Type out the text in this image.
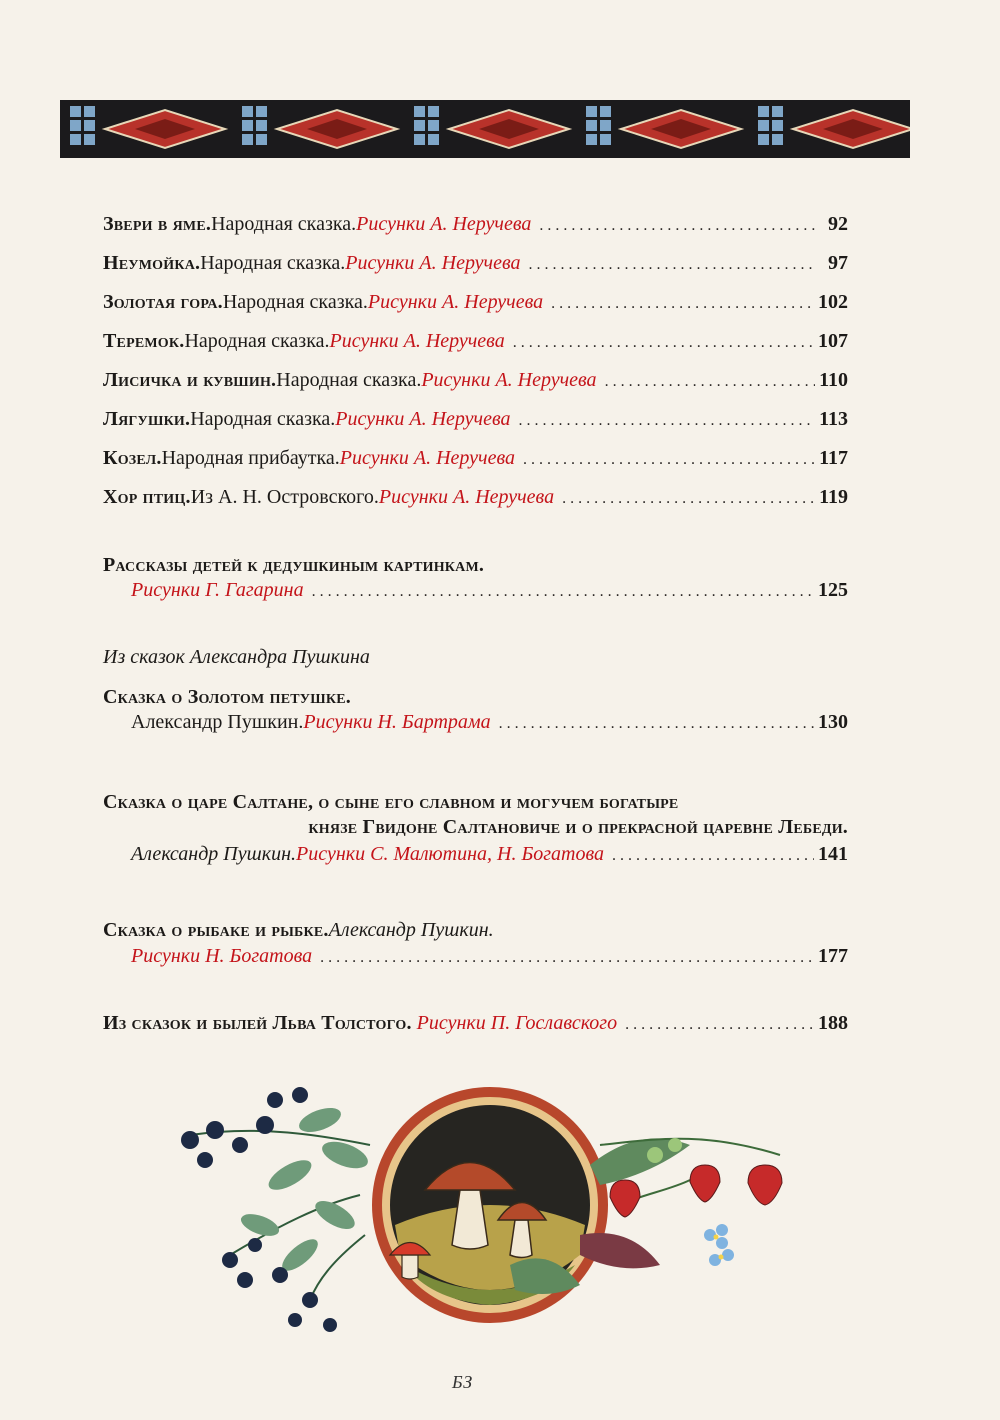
Звери в яме. Народная сказка. Рисунки А. Неручева . . .	92
Неумойка. Народная сказка. Рисунки А. Неручева . . .	97
Золотая гора. Народная сказка. Рисунки А. Неручева . . .	102
Теремок. Народная сказка. Рисунки А. Неручева . . .	107
Лисичка и кувшин. Народная сказка. Рисунки А. Неручева . . .	110
Лягушки. Народная сказка. Рисунки А. Неручева . . .	113
Козел. Народная прибаутка. Рисунки А. Неручева . . .	117
Хор птиц. Из А. Н. Островского. Рисунки А. Неручева . . .	119
Рассказы детей к дедушкиным картинкам.
Рисунки Г. Гагарина . . .	125
Из сказок Александра Пушкина
Сказка о Золотом петушке.
Александр Пушкин. Рисунки Н. Бартрама . . .	130
Сказка о царе Салтане, о сыне его славном и могучем богатыре
князе Гвидоне Салтановиче и о прекрасной царевне Лебеди.
Александр Пушкин. Рисунки С. Малютина, Н. Богатова . . .	141
Сказка о рыбаке и рыбке. Александр Пушкин.
Рисунки Н. Богатова . . .	177
Из сказок и былей Льва Толстого.
Рисунки П. Гославского . . .	188
БЗ
